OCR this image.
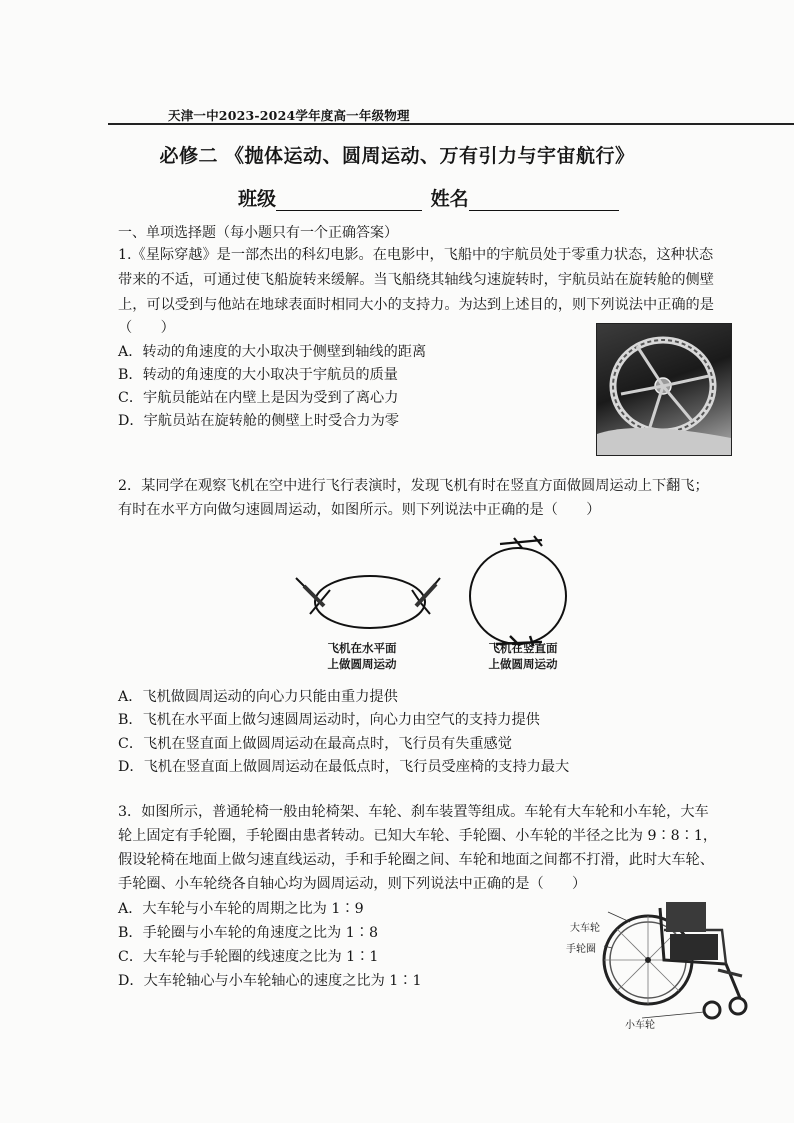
天津一中2023-2024学年度高一年级物理
必修二 《抛体运动、圆周运动、万有引力与宇宙航行》
班级	姓名
一、单项选择题（每小题只有一个正确答案）
1.《星际穿越》是一部杰出的科幻电影。在电影中，飞船中的宇航员处于零重力状态，这种状态
带来的不适，可通过使飞船旋转来缓解。当飞船绕其轴线匀速旋转时，宇航员站在旋转舱的侧壁
上，可以受到与他站在地球表面时相同大小的支持力。为达到上述目的，则下列说法中正确的是
（　　）
A．转动的角速度的大小取决于侧壁到轴线的距离
B．转动的角速度的大小取决于宇航员的质量
C．宇航员能站在内壁上是因为受到了离心力
D．宇航员站在旋转舱的侧壁上时受合力为零
2．某同学在观察飞机在空中进行飞行表演时，发现飞机有时在竖直方面做圆周运动上下翻飞；
有时在水平方向做匀速圆周运动，如图所示。则下列说法中正确的是（　　）
飞机在水平面
上做圆周运动
飞机在竖直面
上做圆周运动
A．飞机做圆周运动的向心力只能由重力提供
B．飞机在水平面上做匀速圆周运动时，向心力由空气的支持力提供
C．飞机在竖直面上做圆周运动在最高点时，飞行员有失重感觉
D．飞机在竖直面上做圆周运动在最低点时，飞行员受座椅的支持力最大
3．如图所示，普通轮椅一般由轮椅架、车轮、刹车装置等组成。车轮有大车轮和小车轮，大车
轮上固定有手轮圈，手轮圈由患者转动。已知大车轮、手轮圈、小车轮的半径之比为 9∶8∶1，
假设轮椅在地面上做匀速直线运动，手和手轮圈之间、车轮和地面之间都不打滑，此时大车轮、
手轮圈、小车轮绕各自轴心均为圆周运动，则下列说法中正确的是（　　）
A．大车轮与小车轮的周期之比为 1∶9
B．手轮圈与小车轮的角速度之比为 1∶8
C．大车轮与手轮圈的线速度之比为 1∶1
D．大车轮轴心与小车轮轴心的速度之比为 1∶1
大车轮
手轮圈
小车轮
